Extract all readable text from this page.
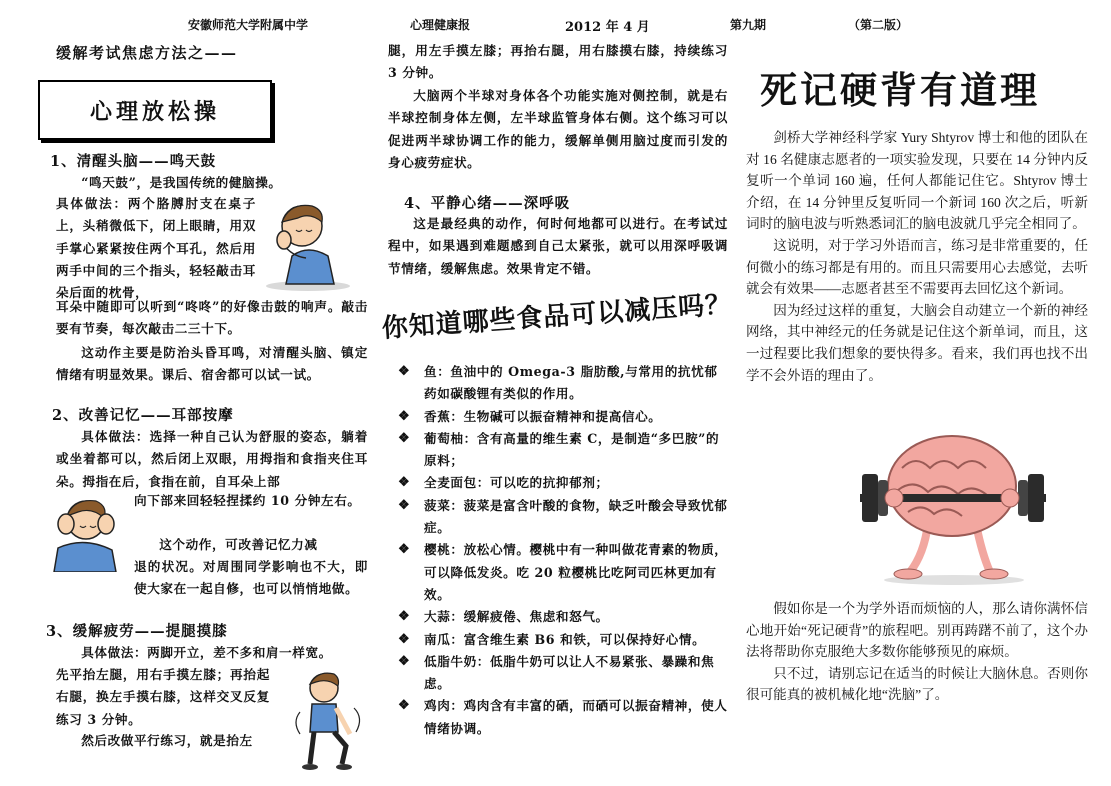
安徽师范大学附属中学	心理健康报	2012 年 4 月	第九期	（第二版）
缓解考试焦虑方法之——
心理放松操
1、清醒头脑——鸣天鼓

“鸣天鼓”，是我国传统的健脑操。

具体做法：两个胳膊肘支在桌子上，头稍微低下，闭上眼睛，用双手掌心紧紧按住两个耳孔，然后用两手中间的三个指头，轻轻敲击耳朵后面的枕骨，

耳朵中随即可以听到“咚咚”的好像击鼓的响声。敲击要有节奏，每次敲击二三十下。

这动作主要是防治头昏耳鸣，对清醒头脑、镇定情绪有明显效果。课后、宿舍都可以试一试。

2、改善记忆——耳部按摩

具体做法：选择一种自己认为舒服的姿态，躺着或坐着都可以，然后闭上双眼，用拇指和食指夹住耳朵。拇指在后，食指在前，自耳朵上部

向下部来回轻轻捏揉约 10 分钟左右。

这个动作，可改善记忆力减

退的状况。对周围同学影响也不大，即使大家在一起自修，也可以悄悄地做。

3、缓解疲劳——提腿摸膝

具体做法：两脚开立，差不多和肩一样宽。

先平抬左腿，用右手摸左膝；再抬起右腿，换左手摸右膝，这样交叉反复练习 3 分钟。

然后改做平行练习，就是抬左

腿，用左手摸左膝；再抬右腿，用右膝摸右膝，持续练习 3 分钟。

大脑两个半球对身体各个功能实施对侧控制，就是右半球控制身体左侧，左半球监管身体右侧。这个练习可以促进两半球协调工作的能力，缓解单侧用脑过度而引发的身心疲劳症状。

4、平静心绪——深呼吸

这是最经典的动作，何时何地都可以进行。在考试过程中，如果遇到难题感到自己太紧张，就可以用深呼吸调节情绪，缓解焦虑。效果肯定不错。

你知道哪些食品可以减压吗？
❖ 鱼：鱼油中的 Omega-3 脂肪酸,与常用的抗忧郁药如碳酸锂有类似的作用。
❖ 香蕉：生物碱可以振奋精神和提高信心。
❖ 葡萄柚：含有高量的维生素 C，是制造“多巴胺”的原料；
❖ 全麦面包：可以吃的抗抑郁剂；
❖ 菠菜：菠菜是富含叶酸的食物，缺乏叶酸会导致忧郁症。
❖ 樱桃：放松心情。樱桃中有一种叫做花青素的物质，可以降低发炎。吃 20 粒樱桃比吃阿司匹林更加有效。
❖ 大蒜：缓解疲倦、焦虑和怒气。
❖ 南瓜：富含维生素 B6 和铁，可以保持好心情。
❖ 低脂牛奶：低脂牛奶可以让人不易紧张、暴躁和焦虑。
❖ 鸡肉：鸡肉含有丰富的硒，而硒可以振奋精神，使人情绪协调。
死记硬背有道理

剑桥大学神经科学家 Yury Shtyrov 博士和他的团队在对 16 名健康志愿者的一项实验发现，只要在 14 分钟内反复听一个单词 160 遍，任何人都能记住它。Shtyrov 博士介绍，在 14 分钟里反复听同一个新词 160 次之后，听新词时的脑电波与听熟悉词汇的脑电波就几乎完全相同了。

这说明，对于学习外语而言，练习是非常重要的，任何微小的练习都是有用的。而且只需要用心去感觉，去听就会有效果——志愿者甚至不需要再去回忆这个新词。

因为经过这样的重复，大脑会自动建立一个新的神经网络，其中神经元的任务就是记住这个新单词，而且，这一过程要比我们想象的要快得多。看来，我们再也找不出学不会外语的理由了。

假如你是一个为学外语而烦恼的人，那么请你满怀信心地开始“死记硬背”的旅程吧。别再踌躇不前了，这个办法将帮助你克服绝大多数你能够预见的麻烦。

只不过，请别忘记在适当的时候让大脑休息。否则你很可能真的被机械化地“洗脑”了。
